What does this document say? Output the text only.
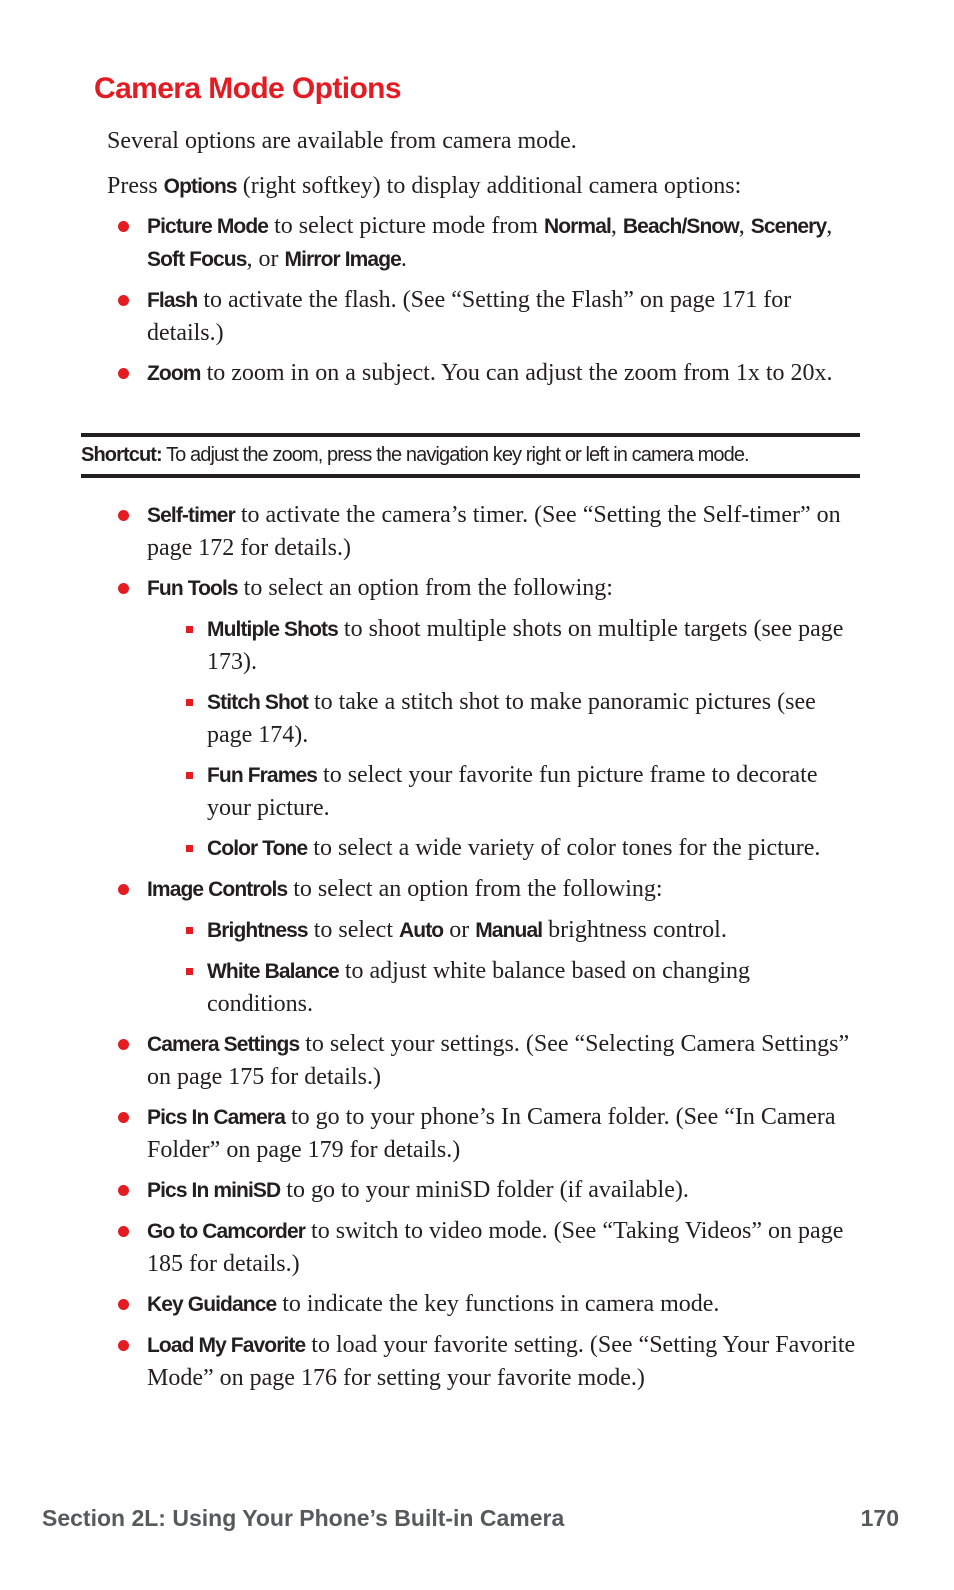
Camera Mode Options

Several options are available from camera mode.

Press Options (right softkey) to display additional camera options:

Picture Mode to select picture mode from Normal, Beach/Snow, Scenery, Soft Focus, or Mirror Image.
Flash to activate the flash. (See “Setting the Flash” on page 171 for details.)
Zoom to zoom in on a subject. You can adjust the zoom from 1x to 20x.
Shortcut: To adjust the zoom, press the navigation key right or left in camera mode.
Self-timer to activate the camera’s timer. (See “Setting the Self-timer” on page 172 for details.)
Fun Tools to select an option from the following:
Multiple Shots to shoot multiple shots on multiple targets (see page 173).
Stitch Shot to take a stitch shot to make panoramic pictures (see page 174).
Fun Frames to select your favorite fun picture frame to decorate your picture.
Color Tone to select a wide variety of color tones for the picture.
Image Controls to select an option from the following:
Brightness to select Auto or Manual brightness control.
White Balance to adjust white balance based on changing conditions.
Camera Settings to select your settings. (See “Selecting Camera Settings” on page 175 for details.)
Pics In Camera to go to your phone’s In Camera folder. (See “In Camera Folder” on page 179 for details.)
Pics In miniSD to go to your miniSD folder (if available).
Go to Camcorder to switch to video mode. (See “Taking Videos” on page 185 for details.)
Key Guidance to indicate the key functions in camera mode.
Load My Favorite to load your favorite setting. (See “Setting Your Favorite Mode” on page 176 for setting your favorite mode.)
Section 2L: Using Your Phone’s Built-in Camera	170
